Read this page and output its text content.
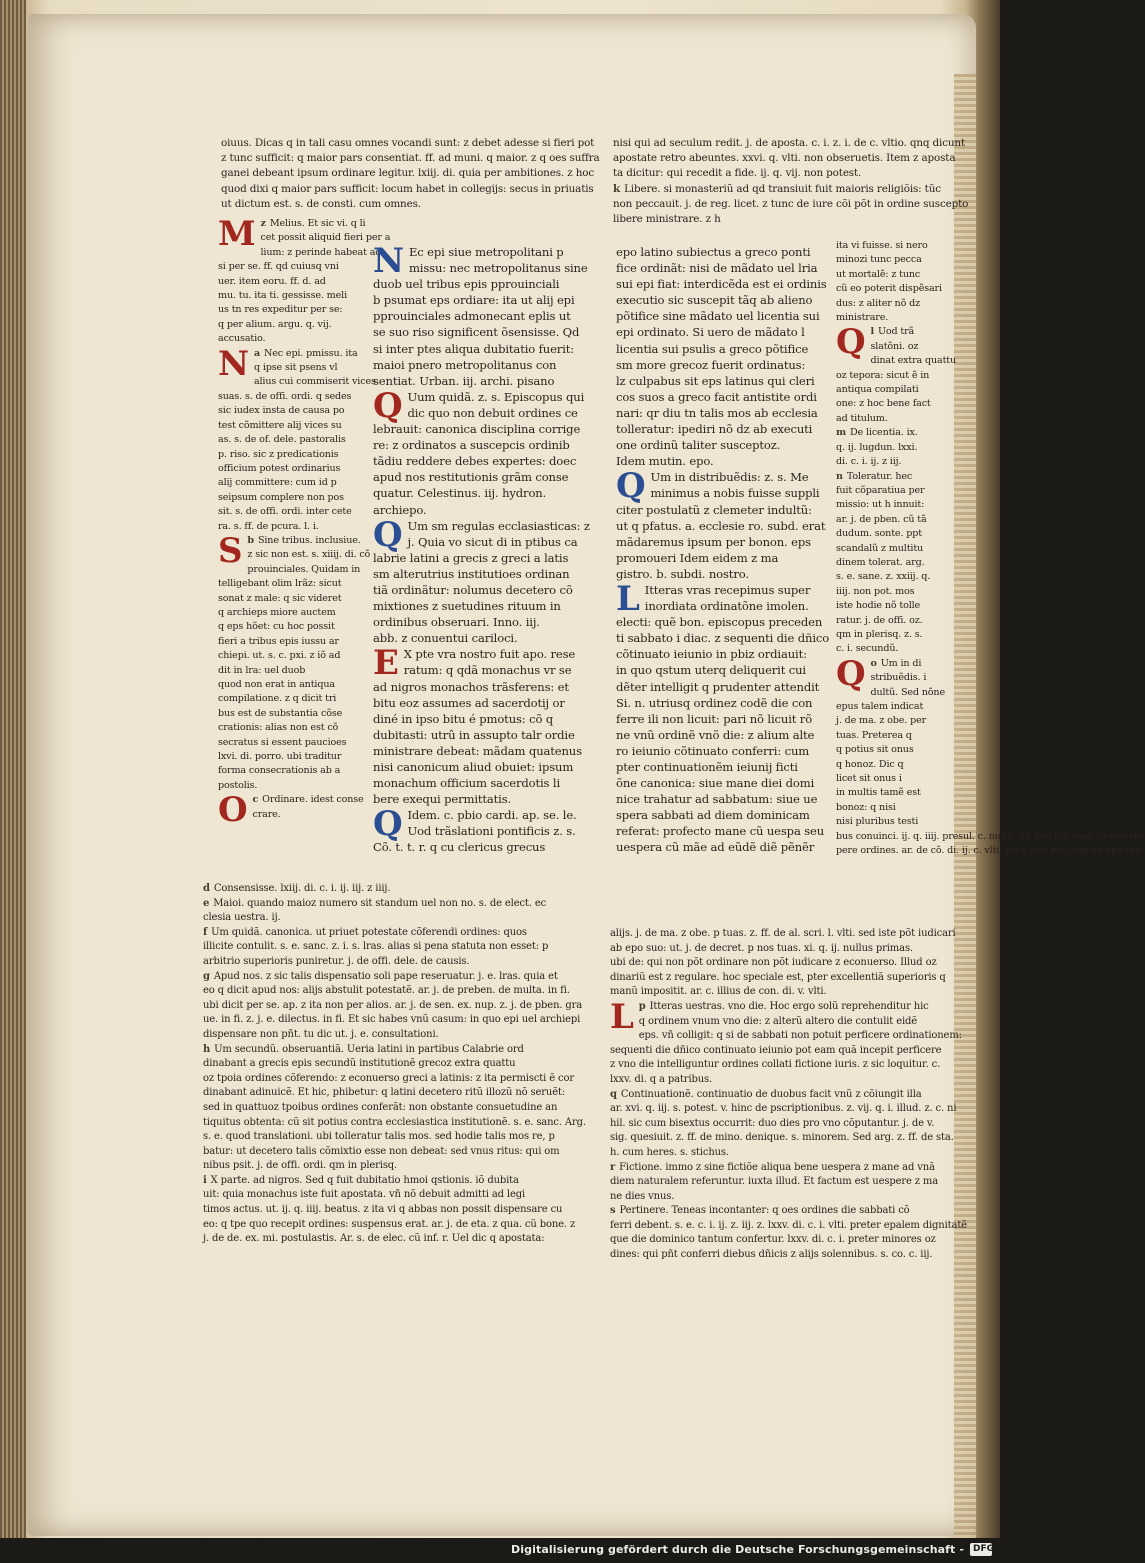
oiuus. Dicas q in tali casu omnes vocandi sunt: z debet adesse si fieri pot

z tunc sufficit: q maior pars consentiat. ff. ad muni. q maior. z q oes suffra

ganei debeant ipsum ordinare legitur. lxiij. di. quia per ambitiones. z hoc

quod dixi q maior pars sufficit: locum habet in collegijs: secus in priuatis

ut dictum est. s. de consti. cum omnes.

M z Melius. Et sic vi. q li

cet possit aliquid fieri per a

lium: z perinde habeat ac

si per se. ff. qd cuiusq vni

uer. item eoru. ff. d. ad

mu. tu. ita ti. gessisse. meli

us tn res expeditur per se:

q per alium. argu. q. vij.

accusatio.

N a Nec epi. pmissu. ita

q ipse sit psens vl

alius cui commiserit vices

suas. s. de offi. ordi. q sedes

sic iudex insta de causa po

test cõmittere alij vices su

as. s. de of. dele. pastoralis

p. riso. sic z predicationis

officium potest ordinarius

alij committere: cum id p

seipsum complere non pos

sit. s. de offi. ordi. inter cete

ra. s. ff. de pcura. l. i.

S b Sine tribus. inclusiue.

z sic non est. s. xiiij. di. cõ

prouinciales. Quidam in

telligebant olim lrãz: sicut

sonat z male: q sic videret

q archieps miore auctem

q eps hõet: cu hoc possit

fieri a tribus epis iussu ar

chiepi. ut. s. c. pxi. z iõ ad

dit in lra: uel duob

quod non erat in antiqua

compilatione. z q dicit tri

bus est de substantia cõse

crationis: alias non est cõ

secratus si essent paucioes

lxvi. di. porro. ubi traditur

forma consecrationis ab a

postolis.

O c Ordinare. idest conse

crare.

N Ec epi siue metropolitani p

missu: nec metropolitanus sine

duob uel tribus epis pprouinciali

b psumat eps ordiare: ita ut alij epi

pprouinciales admonecant eplis ut

se suo riso significent õsensisse. Qd

si inter ptes aliqua dubitatio fuerit:

maioi pnero metropolitanus con

sentiat. Urban. iij. archi. pisano

Q Uum quidã. z. s. Episcopus qui

dic quo non debuit ordines ce

lebrauit: canonica disciplina corrige

re: z ordinatos a suscepcis ordinib

tãdiu reddere debes expertes: doec

apud nos restitutionis grãm conse

quatur. Celestinus. iij. hydron.

archiepo.

Q Um sm regulas ecclasiasticas: z

j. Quia vo sicut di in ptibus ca

labrie latini a grecis z greci a latis

sm alterutrius institutioes ordinan

tiã ordinãtur: nolumus decetero cõ

mixtiones z suetudines rituum in

ordinibus obseruari. Inno. iij.

abb. z conuentui cariloci.

E X pte vra nostro fuit apo. rese

ratum: q qdã monachus vr se

ad nigros monachos trãsferens: et

bitu eoz assumes ad sacerdotij or

diné in ipso bitu é pmotus: cõ q

dubitasti: utrû in assupto talr ordie

ministrare debeat: mãdam quatenus

nisi canonicum aliud obuiet: ipsum

monachum officium sacerdotis li

bere exequi permittatis.

Q Idem. c. pbio cardi. ap. se. le.

Uod trãslationi pontificis z. s.

Cõ. t. t. r. q cu clericus grecus

d Consensisse. lxiij. di. c. i. ij. iij. z iiij.

e Maioi. quando maioz numero sit standum uel non no. s. de elect. ec

clesia uestra. ij.

f Um quidã. canonica. ut priuet potestate cõferendi ordines: quos

illicite contulit. s. e. sanc. z. i. s. lras. alias si pena statuta non esset: p

arbitrio superioris puniretur. j. de offi. dele. de causis.

g Apud nos. z sic talis dispensatio soli pape reseruatur. j. e. lras. quia et

eo q dicit apud nos: alijs abstulit potestatẽ. ar. j. de preben. de multa. in fi.

ubi dicit per se. ap. z ita non per alios. ar. j. de sen. ex. nup. z. j. de pben. gra

ue. in fi. z. j. e. dilectus. in fi. Et sic habes vnũ casum: in quo epi uel archiepi

dispensare non pñt. tu dic ut. j. e. consultationi.

h Um secundũ. obseruantiã. Ueria latini in partibus Calabrie ord

dinabant a grecis epis secundũ institutionẽ grecoz extra quattu

oz tpoia ordines cõferendo: z econuerso greci a latinis: z ita permiscti ẽ cor

dinabant adinuicẽ. Et hic, phibetur: q latini decetero ritũ illozũ nõ seruẽt:

sed in quattuoz tpoibus ordines conferãt: non obstante consuetudine an

tiquitus obtenta: cũ sit potius contra ecclesiastica institutionẽ. s. e. sanc. Arg.

s. e. quod translationi. ubi tolleratur talis mos. sed hodie talis mos re, p

batur: ut decetero talis cõmixtio esse non debeat: sed vnus ritus: qui om

nibus psit. j. de offi. ordi. qm in plerisq.

i X parte. ad nigros. Sed q fuit dubitatio hmoi qstionis. iõ dubita

uit: quia monachus iste fuit apostata. vñ nõ debuit admitti ad legi

timos actus. ut. ij. q. iiij. beatus. z ita vi q abbas non possit dispensare cu

eo: q tpe quo recepit ordines: suspensus erat. ar. j. de eta. z qua. cũ bone. z

j. de de. ex. mi. postulastis. Ar. s. de elec. cũ inf. r. Uel dic q apostata:

nisi qui ad seculum redit. j. de aposta. c. i. z. i. de c. vltio. qnq dicunt

apostate retro abeuntes. xxvi. q. vlti. non obseruetis. Item z aposta

ta dicitur: qui recedit a fide. ij. q. vij. non potest.

k Libere. si monasteriũ ad qd transiuit fuit maioris religiõis: tũc

non peccauit. j. de reg. licet. z tunc de iure cõi põt in ordine suscepto

libere ministrare. z h

epo latino subiectus a greco ponti

fice ordinãt: nisi de mãdato uel lria

sui epi fiat: interdicẽda est ei ordinis

executio sic suscepit tãq ab alieno

põtifice sine mãdato uel licentia sui

epi ordinato. Si uero de mãdato l

licentia sui psulis a greco põtifice

sm more grecoz fuerit ordinatus:

lz culpabus sit eps latinus qui cleri

cos suos a greco facit antistite ordi

nari: qr diu tn talis mos ab ecclesia

tolleratur: ipediri nõ dz ab executi

one ordinũ taliter susceptoz.

Idem mutin. epo.

Q Um in distribuẽdis: z. s. Me

minimus a nobis fuisse suppli

citer postulatũ z clemeter indultũ:

ut q pfatus. a. ecclesie ro. subd. erat

mãdaremus ipsum per bonon. eps

promoueri Idem eidem z ma

gistro. b. subdi. nostro.

L Itteras vras recepimus super

inordiata ordinatõne imolen.

electi: quẽ bon. episcopus preceden

ti sabbato i diac. z sequenti die dñico

cõtinuato ieiunio in pbiz ordiauit:

in quo qstum uterq deliquerit cui

dẽter intelligit q prudenter attendit

Si. n. utriusq ordinez codẽ die con

ferre ili non licuit: pari nõ licuit rõ

ne vnũ ordinẽ vnõ die: z alium alte

ro ieiunio cõtinuato conferri: cum

pter continuationẽm ieiunij ficti

õne canonica: siue mane diei domi

nice trahatur ad sabbatum: siue ue

spera sabbati ad diem dominicam

referat: profecto mane cũ uespa seu

uespera cũ mãe ad eũdẽ diẽ pẽnẽr

ita vi fuisse. si nero

minozi tunc pecca

ut mortalẽ: z tunc

cũ eo poterit dispẽsari

dus: z aliter nõ dz

ministrare.

Q l Uod trã

slatõni. oz

dinat extra quattu

oz tepora: sicut ẽ in

antiqua compilati

one: z hoc bene fact

ad titulum.

m De licentia. ix.

q. ij. lugdun. lxxi.

di. c. i. ij. z iij.

n Toleratur. hec

fuit cõparatiua per

missio: ut h innuit:

ar. j. de pben. cũ tã

dudum. sonte. ppt

scandalũ z multitu

dinem tolerat. arg.

s. e. sane. z. xxiij. q.

iiij. non pot. mos

iste hodie nõ tolle

ratur. j. de offi. oz.

qm in plerisq. z. s.

c. i. secundũ.

Q o Um in di

stribuẽdis. i

dultũ. Sed nõne

epus talem indicat

j. de ma. z obe. per

tuas. Preterea q

q potius sit onus

q honoz. Dic q

licet sit onus i

in multis tamẽ est

bonoz: q nisi

nisi pluribus testi

bus conuinci. ij. q. iiij. presul. c. nullã. Itẽ non põt cogi ab epo rec

pere ordines. ar. de cõ. di. ij. c. vlti. Itẽ q non põt cogi ab epo rec

alijs. j. de ma. z obe. p tuas. z. ff. de al. scri. l. vlti. sed iste põt iudicari

ab epo suo: ut. j. de decret. p nos tuas. xi. q. ij. nullus primas.

ubi de: qui non põt ordinare non põt iudicare z econuerso. Illud oz

dinariũ est z regulare. hoc speciale est, pter excellentiã superioris q

manũ impositit. ar. c. illius de con. di. v. vlti.

L p Itteras uestras. vno die. Hoc ergo solũ reprehenditur hic

q ordinem vnum vno die: z alterũ altero die contulit eidẽ

eps. vñ colligit: q si de sabbati non potuit perficere ordinationem:

sequenti die dñico continuato ieiunio pot eam quã incepit perficere

z vno die intelliguntur ordines collati fictione iuris. z sic loquitur. c.

lxxv. di. q a patribus.

q Continuationẽ. continuatio de duobus facit vnũ z cõiungit illa

ar. xvi. q. iij. s. potest. v. hinc de pscriptionibus. z. vij. q. i. illud. z. c. ni

hil. sic cum bisextus occurrit: duo dies pro vno cõputantur. j. de v.

sig. quesiuit. z. ff. de mino. denique. s. minorem. Sed arg. z. ff. de sta.

h. cum heres. s. stichus.

r Fictione. immo z sine fictiõe aliqua bene uespera z mane ad vnã

diem naturalem referuntur. iuxta illud. Et factum est uespere z ma

ne dies vnus.

s Pertinere. Teneas incontanter: q oes ordines die sabbati cõ

ferri debent. s. e. c. i. ij. z. iij. z. lxxv. di. c. i. vlti. preter epalem dignitatẽ

que die dominico tantum confertur. lxxv. di. c. i. preter minores oz

dines: qui pñt conferri diebus dñicis z alijs solennibus. s. co. c. iij.

Digitalisierung gefördert durch die Deutsche Forschungsgemeinschaft - DFG
